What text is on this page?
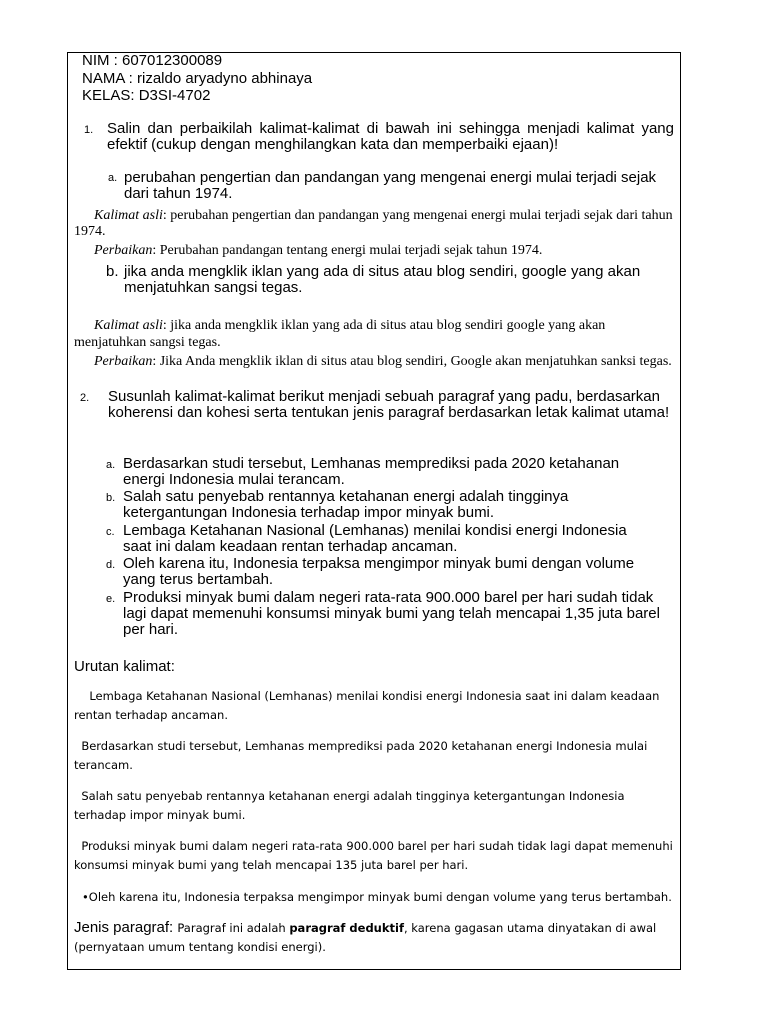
NIM : 607012300089
NAMA : rizaldo aryadyno abhinaya
KELAS: D3SI-4702
1. Salin dan perbaikilah kalimat-kalimat di bawah ini sehingga menjadi kalimat yang efektif (cukup dengan menghilangkan kata dan memperbaiki ejaan)!
a. perubahan pengertian dan pandangan yang mengenai energi mulai terjadi sejak dari tahun 1974.
Kalimat asli: perubahan pengertian dan pandangan yang mengenai energi mulai terjadi sejak dari tahun 1974.
Perbaikan: Perubahan pandangan tentang energi mulai terjadi sejak tahun 1974.
b. jika anda mengklik iklan yang ada di situs atau blog sendiri, google yang akan menjatuhkan sangsi tegas.
Kalimat asli: jika anda mengklik iklan yang ada di situs atau blog sendiri google yang akan menjatuhkan sangsi tegas.
Perbaikan: Jika Anda mengklik iklan di situs atau blog sendiri, Google akan menjatuhkan sanksi tegas.
2. Susunlah kalimat-kalimat berikut menjadi sebuah paragraf yang padu, berdasarkan koherensi dan kohesi serta tentukan jenis paragraf berdasarkan letak kalimat utama!
a. Berdasarkan studi tersebut, Lemhanas memprediksi pada 2020 ketahanan energi Indonesia mulai terancam.
b. Salah satu penyebab rentannya ketahanan energi adalah tingginya ketergantungan Indonesia terhadap impor minyak bumi.
c. Lembaga Ketahanan Nasional (Lemhanas) menilai kondisi energi Indonesia saat ini dalam keadaan rentan terhadap ancaman.
d. Oleh karena itu, Indonesia terpaksa mengimpor minyak bumi dengan volume yang terus bertambah.
e. Produksi minyak bumi dalam negeri rata-rata 900.000 barel per hari sudah tidak lagi dapat memenuhi konsumsi minyak bumi yang telah mencapai 1,35 juta barel per hari.
Urutan kalimat:
Lembaga Ketahanan Nasional (Lemhanas) menilai kondisi energi Indonesia saat ini dalam keadaan rentan terhadap ancaman.
Berdasarkan studi tersebut, Lemhanas memprediksi pada 2020 ketahanan energi Indonesia mulai terancam.
Salah satu penyebab rentannya ketahanan energi adalah tingginya ketergantungan Indonesia terhadap impor minyak bumi.
Produksi minyak bumi dalam negeri rata-rata 900.000 barel per hari sudah tidak lagi dapat memenuhi konsumsi minyak bumi yang telah mencapai 135 juta barel per hari.
•Oleh karena itu, Indonesia terpaksa mengimpor minyak bumi dengan volume yang terus bertambah.
Jenis paragraf: Paragraf ini adalah paragraf deduktif, karena gagasan utama dinyatakan di awal (pernyataan umum tentang kondisi energi).
